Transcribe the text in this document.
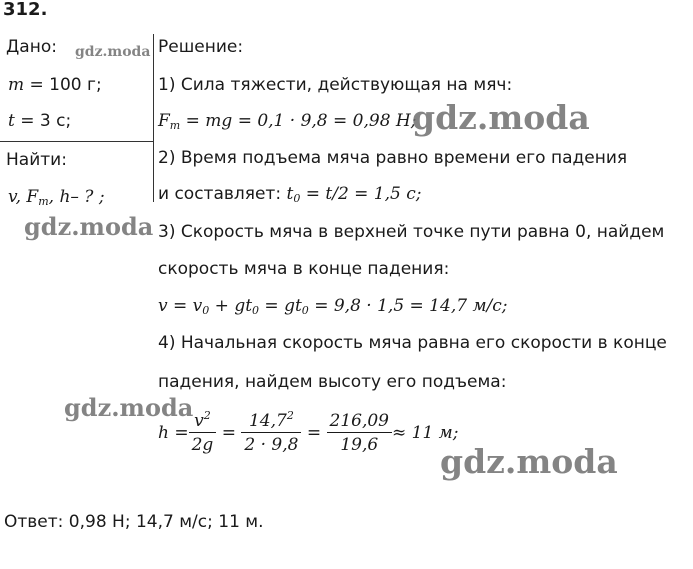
312.
Дано:
m = 100 г;
t = 3 с;
Найти:
v, $F_т$, h– ? ;
Решение:
1) Сила тяжести, действующая на мяч:
$F_т$ = mg = 0,1 · 9,8 = 0,98 Н;
2) Время подъема мяча равно времени его падения
и составляет: $t_0 = t/2 = 1,5$ с;
3) Скорость мяча в верхней точке пути равна 0, найдем
скорость мяча в конце падения:
$v = v_0 + gt_0 = gt_0 = 9,8 \cdot 1,5 = 14,7$ м/с;
4) Начальная скорость мяча равна его скорости в конце
падения, найдем высоту его подъема:
$h = \frac{v^2}{2g} = \frac{14,7^2}{2 \cdot 9,8} = \frac{216,09}{19,6} \approx 11$ м;
Ответ: 0,98 Н; 14,7 м/с; 11 м.
gdz.moda
gdz.moda
gdz.moda
gdz.moda
gdz.moda
